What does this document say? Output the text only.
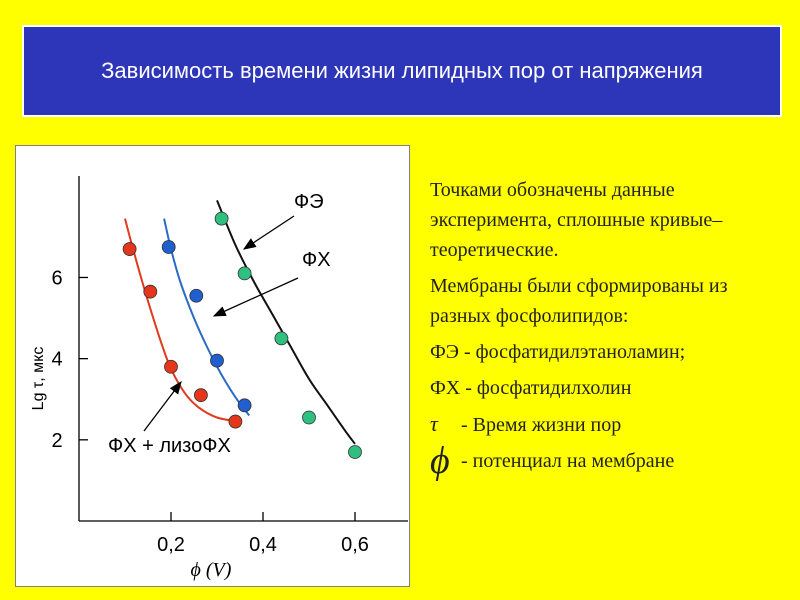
Зависимость времени жизни липидных пор от напряжения
0,2	0,4	0,6
2
4
6
ϕ (V)
Lg τ, мкс
ФЭ
ФХ
ФХ + лизоФХ
Точками обозначены данные эксперимента, сплошные кривые– теоретические.
Мембраны были сформированы из разных фосфолипидов:
ФЭ - фосфатидилэтаноламин;
ФХ - фосфатидилхолин
τ - Время жизни пор
ϕ - потенциал на мембране
